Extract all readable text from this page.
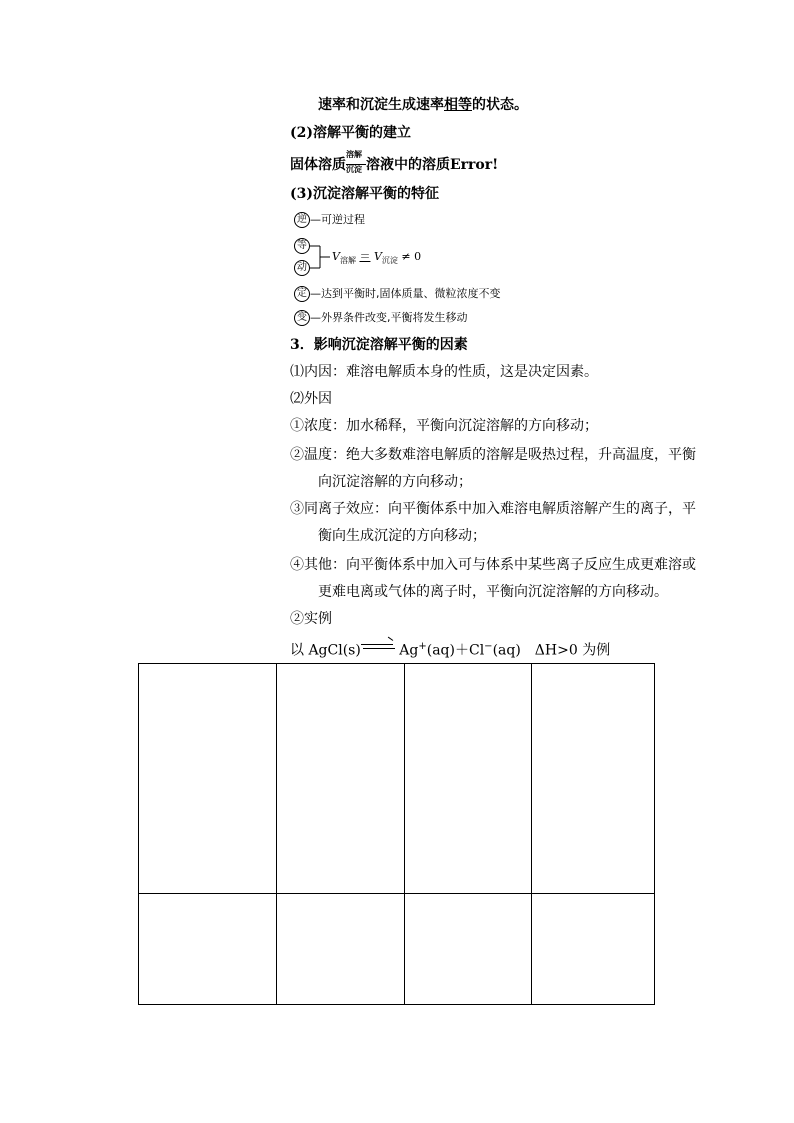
速率和沉淀生成速率相等的状态。
(2)溶解平衡的建立
固体溶质
溶解
沉淀 溶液中的溶质Error!
(3)沉淀溶解平衡的特征
逆 —可逆过程
等
动
$V_{溶解} = V_{沉淀} \ne 0$
定 —达到平衡时,固体质量、微粒浓度不变
变 —外界条件改变,平衡将发生移动
3．影响沉淀溶解平衡的因素
⑴内因：难溶电解质本身的性质，这是决定因素。
⑵外因
①浓度：加水稀释，平衡向沉淀溶解的方向移动；
②温度：绝大多数难溶电解质的溶解是吸热过程，升高温度，平衡
向沉淀溶解的方向移动；
③同离子效应：向平衡体系中加入难溶电解质溶解产生的离子，平
衡向生成沉淀的方向移动；
④其他：向平衡体系中加入可与体系中某些离子反应生成更难溶或
更难电离或气体的离子时，平衡向沉淀溶解的方向移动。
②实例
以 AgCl(s)
Ag+(aq)＋Cl−(aq)　ΔH>0 为例
